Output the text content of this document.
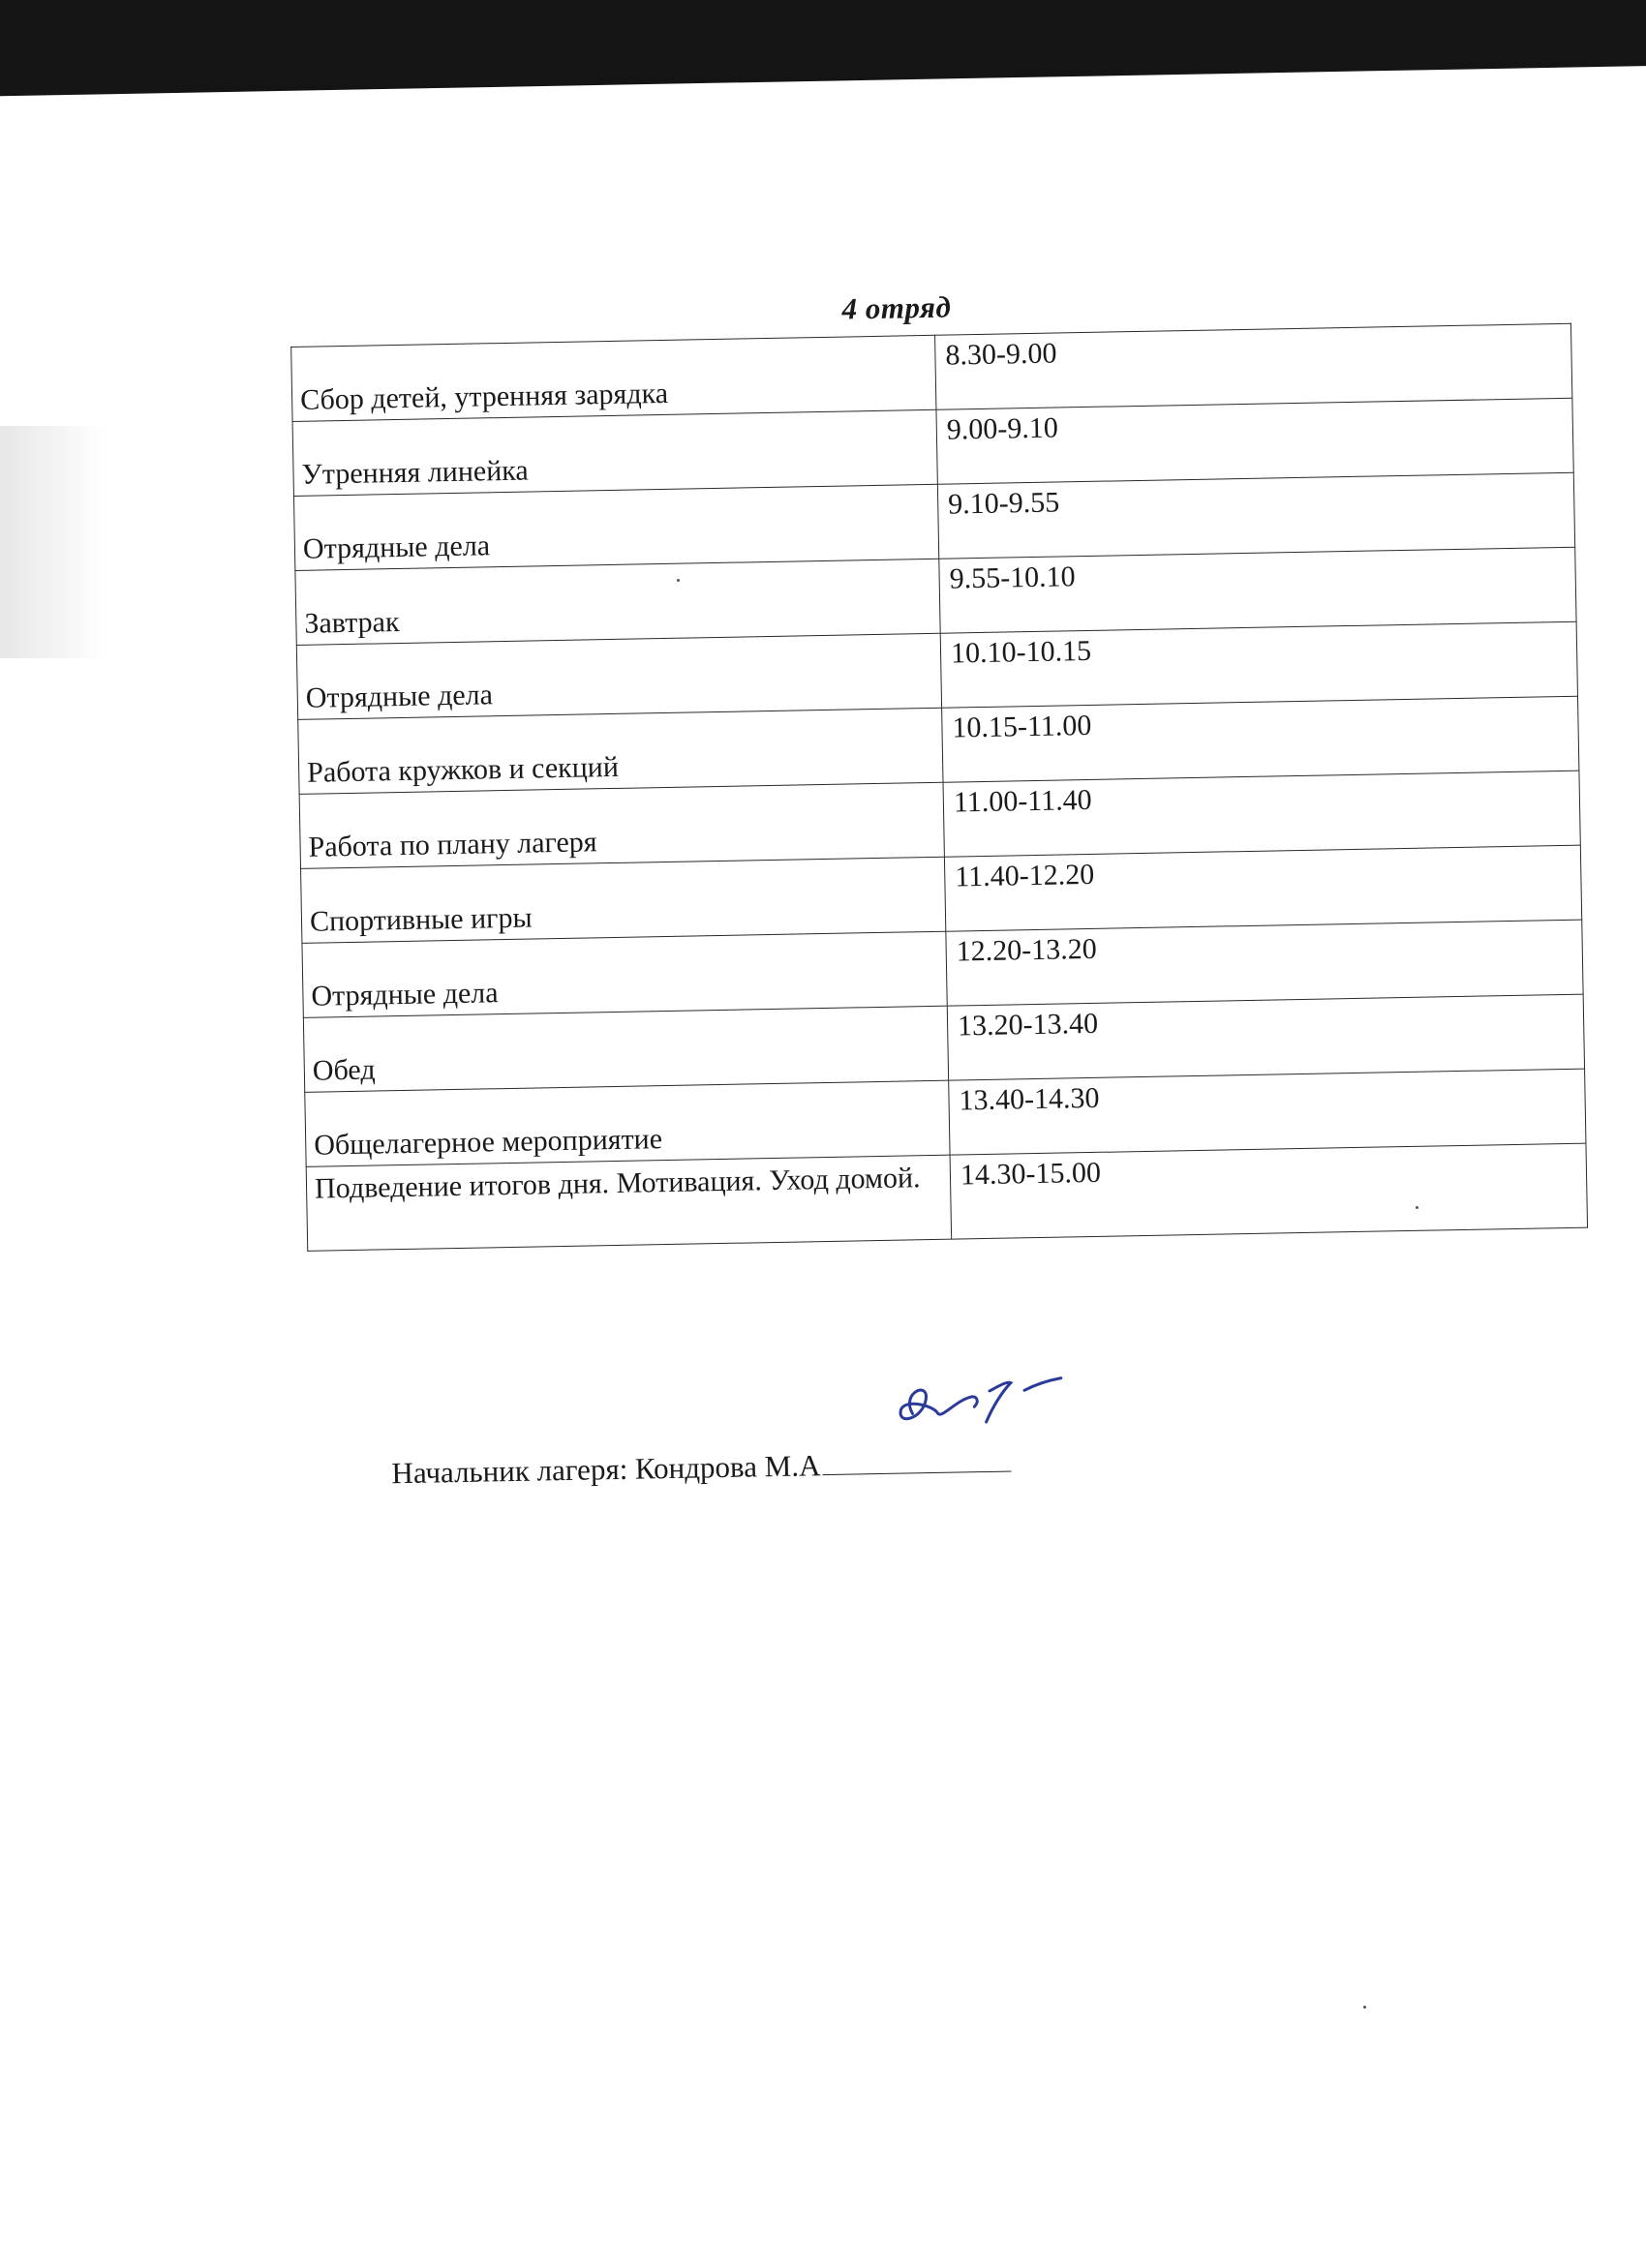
4 отряд
Сбор детей, утренняя зарядка	8.30-9.00

Утренняя линейка	9.00-9.10

Отрядные дела	9.10-9.55

Завтрак	9.55-10.10

Отрядные дела	10.10-10.15

Работа кружков и секций	10.15-11.00

Работа по плану лагеря	11.00-11.40

Спортивные игры	11.40-12.20

Отрядные дела	12.20-13.20

Обед	13.20-13.40

Общелагерное мероприятие	13.40-14.30

Подведение итогов дня. Мотивация. Уход домой.	14.30-15.00
Начальник лагеря: Кондрова М.А
